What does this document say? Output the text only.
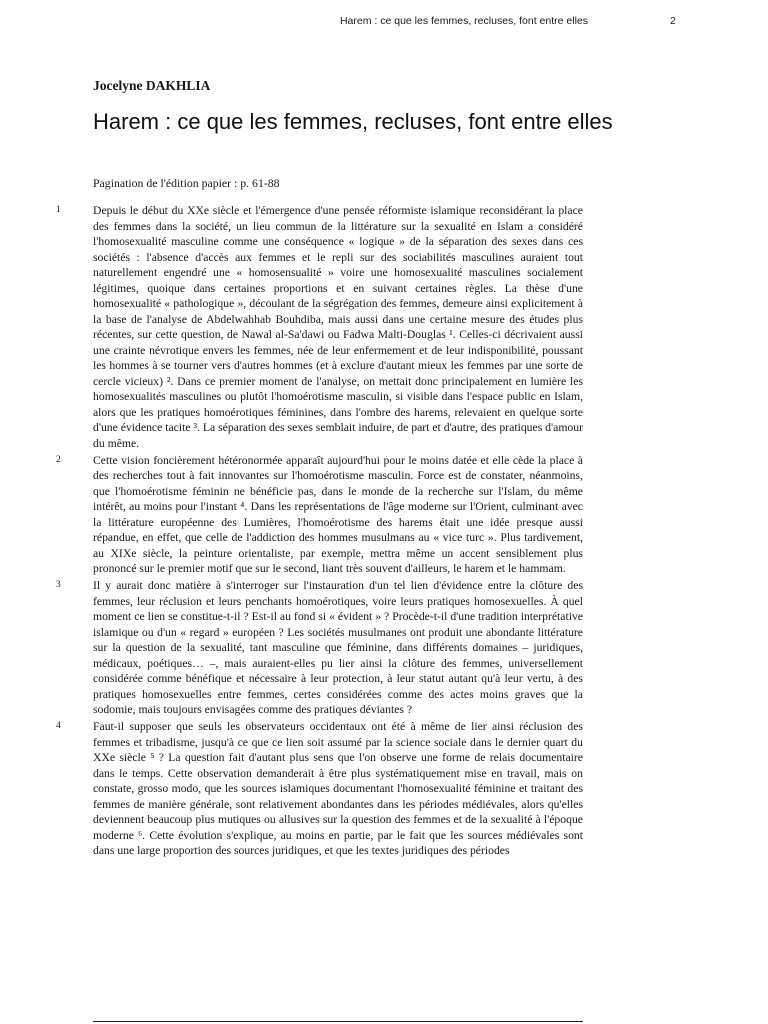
Harem : ce que les femmes, recluses, font entre elles	2
Jocelyne DAKHLIA
Harem : ce que les femmes, recluses, font entre elles
Pagination de l'édition papier : p. 61-88
1	Depuis le début du XXe siècle et l'émergence d'une pensée réformiste islamique reconsidérant la place des femmes dans la société, un lieu commun de la littérature sur la sexualité en Islam a considéré l'homosexualité masculine comme une conséquence « logique » de la séparation des sexes dans ces sociétés : l'absence d'accès aux femmes et le repli sur des sociabilités masculines auraient tout naturellement engendré une « homosensualité » voire une homosexualité masculines socialement légitimes, quoique dans certaines proportions et en suivant certaines règles. La thèse d'une homosexualité « pathologique », découlant de la ségrégation des femmes, demeure ainsi explicitement à la base de l'analyse de Abdelwahhab Bouhdiba, mais aussi dans une certaine mesure des études plus récentes, sur cette question, de Nawal al-Sa'dawi ou Fadwa Malti-Douglas ¹. Celles-ci décrivaient aussi une crainte névrotique envers les femmes, née de leur enfermement et de leur indisponibilité, poussant les hommes à se tourner vers d'autres hommes (et à exclure d'autant mieux les femmes par une sorte de cercle vicieux) ². Dans ce premier moment de l'analyse, on mettait donc principalement en lumière les homosexualités masculines ou plutôt l'homoérotisme masculin, si visible dans l'espace public en Islam, alors que les pratiques homoérotiques féminines, dans l'ombre des harems, relevaient en quelque sorte d'une évidence tacite ³. La séparation des sexes semblait induire, de part et d'autre, des pratiques d'amour du même.
2	Cette vision foncièrement hétéronormée apparaît aujourd'hui pour le moins datée et elle cède la place à des recherches tout à fait innovantes sur l'homoérotisme masculin. Force est de constater, néanmoins, que l'homoérotisme féminin ne bénéficie pas, dans le monde de la recherche sur l'Islam, du même intérêt, au moins pour l'instant ⁴. Dans les représentations de l'âge moderne sur l'Orient, culminant avec la littérature européenne des Lumières, l'homoérotisme des harems était une idée presque aussi répandue, en effet, que celle de l'addiction des hommes musulmans au « vice turc ». Plus tardivement, au XIXe siècle, la peinture orientaliste, par exemple, mettra même un accent sensiblement plus prononcé sur le premier motif que sur le second, liant très souvent d'ailleurs, le harem et le hammam.
3	Il y aurait donc matière à s'interroger sur l'instauration d'un tel lien d'évidence entre la clôture des femmes, leur réclusion et leurs penchants homoérotiques, voire leurs pratiques homosexuelles. À quel moment ce lien se constitue-t-il ? Est-il au fond si « évident » ? Procède-t-il d'une tradition interprétative islamique ou d'un « regard » européen ? Les sociétés musulmanes ont produit une abondante littérature sur la question de la sexualité, tant masculine que féminine, dans différents domaines – juridiques, médicaux, poétiques… –, mais auraient-elles pu lier ainsi la clôture des femmes, universellement considérée comme bénéfique et nécessaire à leur protection, à leur statut autant qu'à leur vertu, à des pratiques homosexuelles entre femmes, certes considérées comme des actes moins graves que la sodomie, mais toujours envisagées comme des pratiques déviantes ?
4	Faut-il supposer que seuls les observateurs occidentaux ont été à même de lier ainsi réclusion des femmes et tribadisme, jusqu'à ce que ce lien soit assumé par la science sociale dans le dernier quart du XXe siècle ⁵ ? La question fait d'autant plus sens que l'on observe une forme de relais documentaire dans le temps. Cette observation demanderait à être plus systématiquement mise en travail, mais on constate, grosso modo, que les sources islamiques documentant l'homosexualité féminine et traitant des femmes de manière générale, sont relativement abondantes dans les périodes médiévales, alors qu'elles deviennent beaucoup plus mutiques ou allusives sur la question des femmes et de la sexualité à l'époque moderne ⁶. Cette évolution s'explique, au moins en partie, par le fait que les sources médiévales sont dans une large proportion des sources juridiques, et que les textes juridiques des périodes
